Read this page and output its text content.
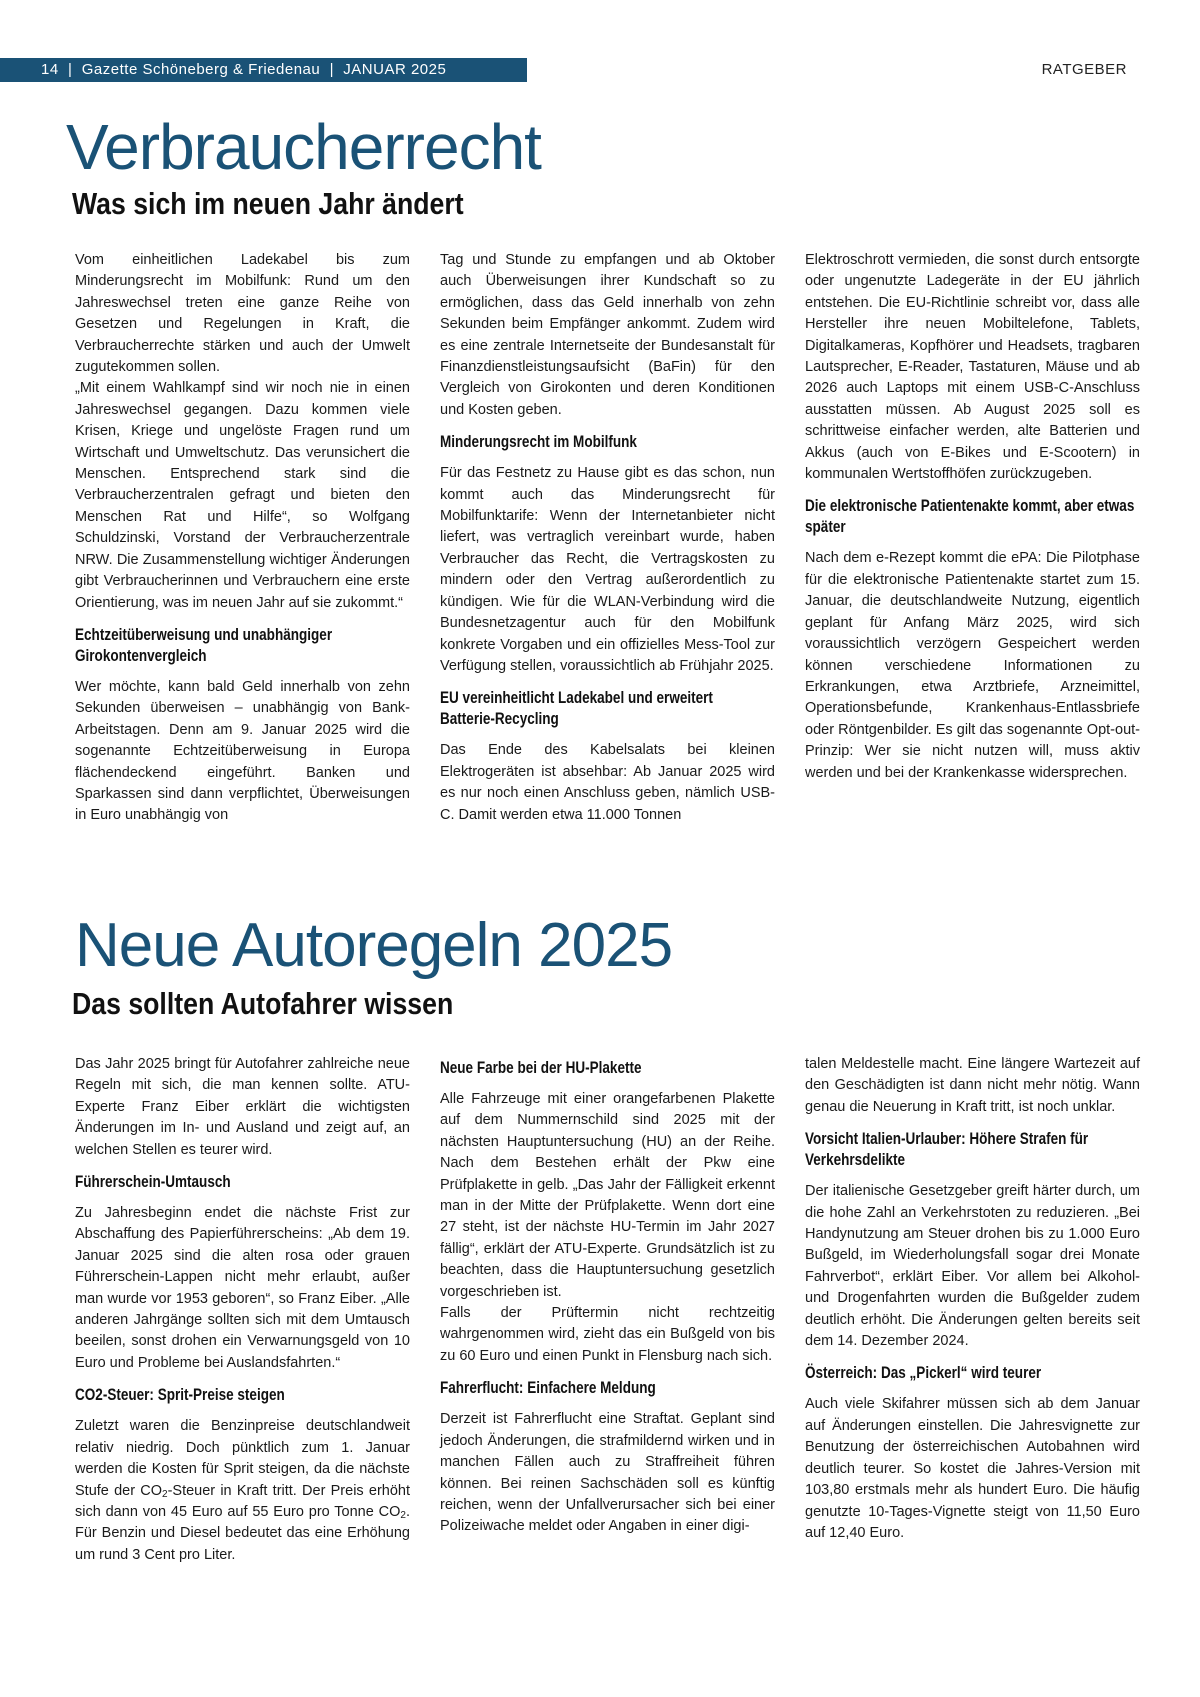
14  |  Gazette Schöneberg & Friedenau  |  JANUAR 2025	RATGEBER
Verbraucherrecht
Was sich im neuen Jahr ändert

Vom einheitlichen Ladekabel bis zum Minderungsrecht im Mobilfunk: Rund um den Jahreswechsel treten eine ganze Reihe von Gesetzen und Regelungen in Kraft, die Verbraucherrechte stärken und auch der Umwelt zugutekommen sollen.

„Mit einem Wahlkampf sind wir noch nie in einen Jahreswechsel gegangen. Dazu kommen viele Krisen, Kriege und ungelöste Fragen rund um Wirtschaft und Umweltschutz. Das verunsichert die Menschen. Entsprechend stark sind die Verbraucherzentralen gefragt und bieten den Menschen Rat und Hilfe“, so Wolfgang Schuldzinski, Vorstand der Verbraucherzentrale NRW. Die Zusammenstellung wichtiger Änderungen gibt Verbraucherinnen und Verbrauchern eine erste Orientierung, was im neuen Jahr auf sie zukommt.“

Echtzeitüberweisung und unabhängiger Girokontenvergleich

Wer möchte, kann bald Geld innerhalb von zehn Sekunden überweisen – unabhängig von Bank-Arbeitstagen. Denn am 9. Januar 2025 wird die sogenannte Echtzeitüberweisung in Europa flächendeckend eingeführt. Banken und Sparkassen sind dann verpflichtet, Überweisungen in Euro unabhängig von

Tag und Stunde zu empfangen und ab Oktober auch Überweisungen ihrer Kundschaft so zu ermöglichen, dass das Geld innerhalb von zehn Sekunden beim Empfänger ankommt. Zudem wird es eine zentrale Internetseite der Bundesanstalt für Finanzdienstleistungsaufsicht (BaFin) für den Vergleich von Girokonten und deren Konditionen und Kosten geben.

Minderungsrecht im Mobilfunk

Für das Festnetz zu Hause gibt es das schon, nun kommt auch das Minderungsrecht für Mobilfunktarife: Wenn der Internetanbieter nicht liefert, was vertraglich vereinbart wurde, haben Verbraucher das Recht, die Vertragskosten zu mindern oder den Vertrag außerordentlich zu kündigen. Wie für die WLAN-Verbindung wird die Bundesnetzagentur auch für den Mobilfunk konkrete Vorgaben und ein offizielles Mess-Tool zur Verfügung stellen, voraussichtlich ab Frühjahr 2025.

EU vereinheitlicht Ladekabel und erweitert Batterie-Recycling

Das Ende des Kabelsalats bei kleinen Elektrogeräten ist absehbar: Ab Januar 2025 wird es nur noch einen Anschluss geben, nämlich USB-C. Damit werden etwa 11.000 Tonnen

Elektroschrott vermieden, die sonst durch entsorgte oder ungenutzte Ladegeräte in der EU jährlich entstehen. Die EU-Richtlinie schreibt vor, dass alle Hersteller ihre neuen Mobiltelefone, Tablets, Digitalkameras, Kopfhörer und Headsets, tragbaren Lautsprecher, E-Reader, Tastaturen, Mäuse und ab 2026 auch Laptops mit einem USB-C-Anschluss ausstatten müssen. Ab August 2025 soll es schrittweise einfacher werden, alte Batterien und Akkus (auch von E-Bikes und E-Scootern) in kommunalen Wertstoffhöfen zurückzugeben.

Die elektronische Patientenakte kommt, aber etwas später

Nach dem e-Rezept kommt die ePA: Die Pilotphase für die elektronische Patientenakte startet zum 15. Januar, die deutschlandweite Nutzung, eigentlich geplant für Anfang März 2025, wird sich voraussichtlich verzögern Gespeichert werden können verschiedene Informationen zu Erkrankungen, etwa Arztbriefe, Arzneimittel, Operationsbefunde, Krankenhaus-Entlassbriefe oder Röntgenbilder. Es gilt das sogenannte Opt-out-Prinzip: Wer sie nicht nutzen will, muss aktiv werden und bei der Krankenkasse widersprechen.

Neue Autoregeln 2025
Das sollten Autofahrer wissen

Das Jahr 2025 bringt für Autofahrer zahlreiche neue Regeln mit sich, die man kennen sollte. ATU-Experte Franz Eiber erklärt die wichtigsten Änderungen im In- und Ausland und zeigt auf, an welchen Stellen es teurer wird.

Führerschein-Umtausch

Zu Jahresbeginn endet die nächste Frist zur Abschaffung des Papierführerscheins: „Ab dem 19. Januar 2025 sind die alten rosa oder grauen Führerschein-Lappen nicht mehr erlaubt, außer man wurde vor 1953 geboren“, so Franz Eiber. „Alle anderen Jahrgänge sollten sich mit dem Umtausch beeilen, sonst drohen ein Verwarnungsgeld von 10 Euro und Probleme bei Auslandsfahrten.“

CO2-Steuer: Sprit-Preise steigen

Zuletzt waren die Benzinpreise deutschlandweit relativ niedrig. Doch pünktlich zum 1. Januar werden die Kosten für Sprit steigen, da die nächste Stufe der $CO_2$-Steuer in Kraft tritt. Der Preis erhöht sich dann von 45 Euro auf 55 Euro pro Tonne $CO_2$. Für Benzin und Diesel bedeutet das eine Erhöhung um rund 3 Cent pro Liter.

Neue Farbe bei der HU-Plakette

Alle Fahrzeuge mit einer orangefarbenen Plakette auf dem Nummernschild sind 2025 mit der nächsten Hauptuntersuchung (HU) an der Reihe. Nach dem Bestehen erhält der Pkw eine Prüfplakette in gelb. „Das Jahr der Fälligkeit erkennt man in der Mitte der Prüfplakette. Wenn dort eine 27 steht, ist der nächste HU-Termin im Jahr 2027 fällig“, erklärt der ATU-Experte. Grundsätzlich ist zu beachten, dass die Hauptuntersuchung gesetzlich vorgeschrieben ist.

Falls der Prüftermin nicht rechtzeitig wahrgenommen wird, zieht das ein Bußgeld von bis zu 60 Euro und einen Punkt in Flensburg nach sich.

Fahrerflucht: Einfachere Meldung

Derzeit ist Fahrerflucht eine Straftat. Geplant sind jedoch Änderungen, die strafmildernd wirken und in manchen Fällen auch zu Straffreiheit führen können. Bei reinen Sachschäden soll es künftig reichen, wenn der Unfallverursacher sich bei einer Polizeiwache meldet oder Angaben in einer digi-

talen Meldestelle macht. Eine längere Wartezeit auf den Geschädigten ist dann nicht mehr nötig. Wann genau die Neuerung in Kraft tritt, ist noch unklar.

Vorsicht Italien-Urlauber: Höhere Strafen für Verkehrsdelikte

Der italienische Gesetzgeber greift härter durch, um die hohe Zahl an Verkehrstoten zu reduzieren. „Bei Handynutzung am Steuer drohen bis zu 1.000 Euro Bußgeld, im Wiederholungsfall sogar drei Monate Fahrverbot“, erklärt Eiber. Vor allem bei Alkohol- und Drogenfahrten wurden die Bußgelder zudem deutlich erhöht. Die Änderungen gelten bereits seit dem 14. Dezember 2024.

Österreich: Das „Pickerl“ wird teurer

Auch viele Skifahrer müssen sich ab dem Januar auf Änderungen einstellen. Die Jahresvignette zur Benutzung der österreichischen Autobahnen wird deutlich teurer. So kostet die Jahres-Version mit 103,80 erstmals mehr als hundert Euro. Die häufig genutzte 10-Tages-Vignette steigt von 11,50 Euro auf 12,40 Euro.
